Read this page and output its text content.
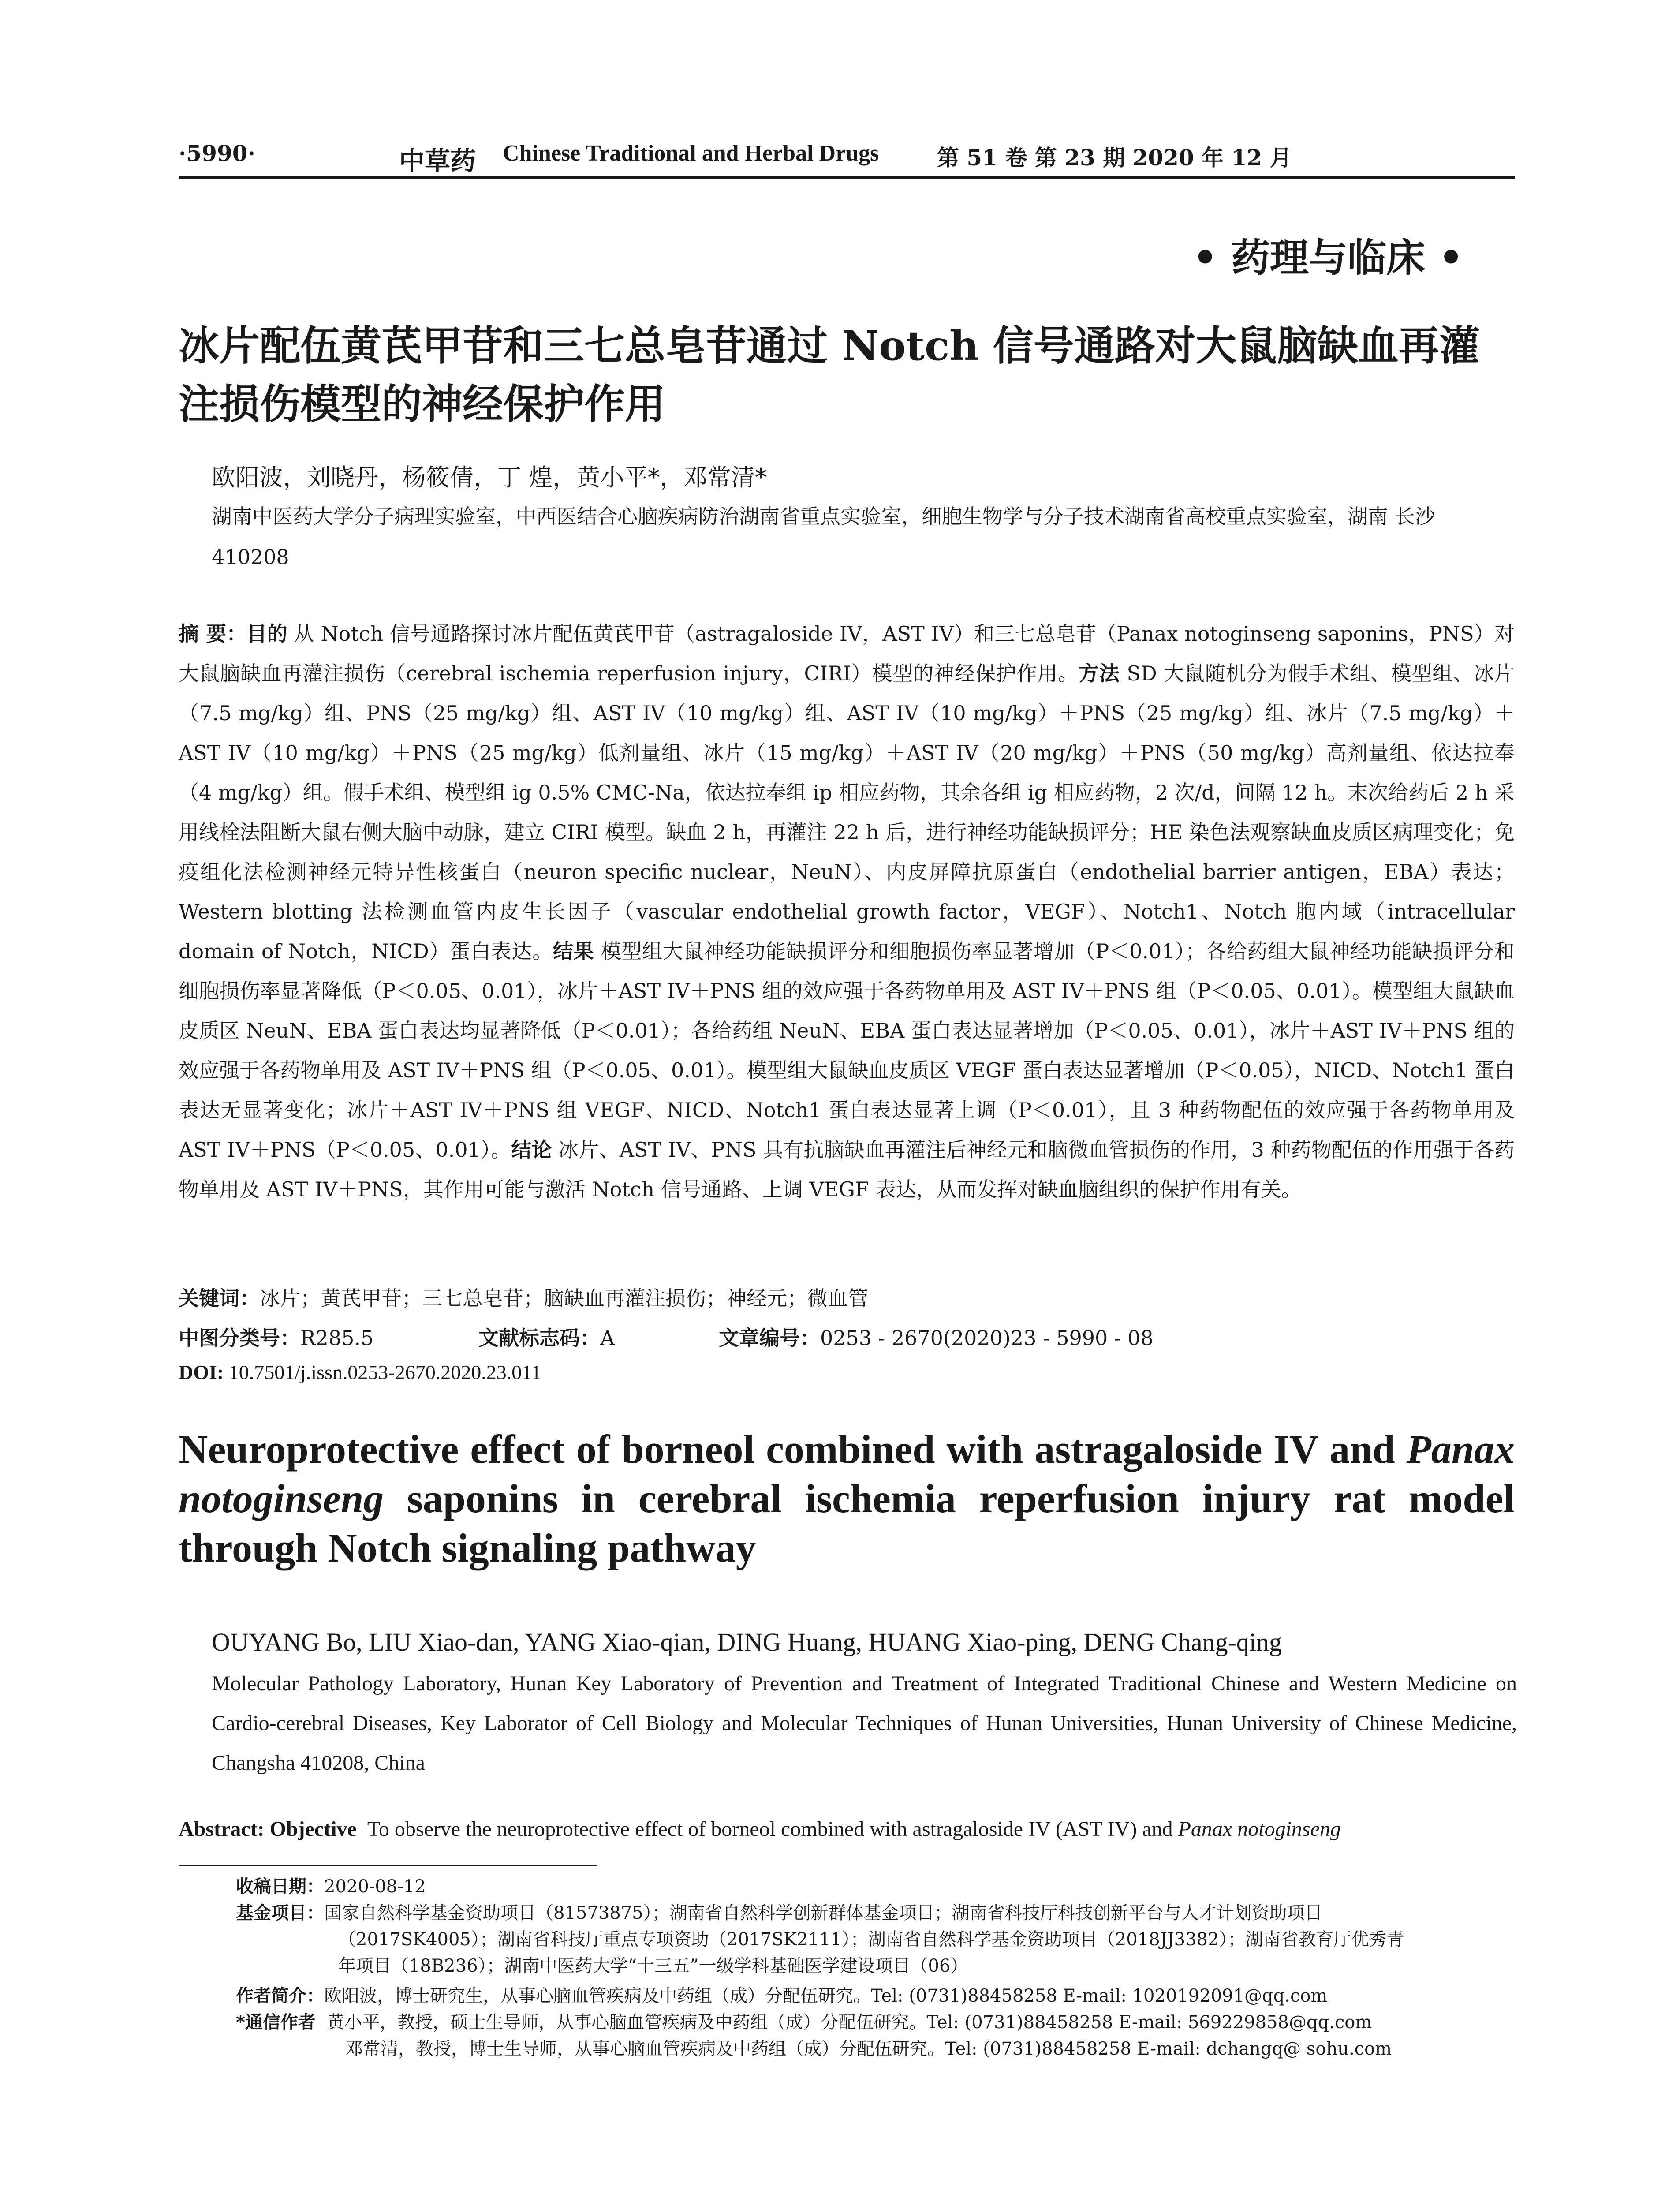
·5990·	中草药 Chinese Traditional and Herbal Drugs	第 51 卷 第 23 期 2020 年 12 月
• 药理与临床 •
冰片配伍黄芪甲苷和三七总皂苷通过 Notch 信号通路对大鼠脑缺血再灌注损伤模型的神经保护作用
欧阳波，刘晓丹，杨筱倩，丁 煌，黄小平*，邓常清*
湖南中医药大学分子病理实验室，中西医结合心脑疾病防治湖南省重点实验室，细胞生物学与分子技术湖南省高校重点实验室，湖南 长沙 410208
摘 要：目的 从 Notch 信号通路探讨冰片配伍黄芪甲苷（astragaloside IV，AST IV）和三七总皂苷（Panax notoginseng saponins，PNS）对大鼠脑缺血再灌注损伤（cerebral ischemia reperfusion injury，CIRI）模型的神经保护作用。方法 SD 大鼠随机分为假手术组、模型组、冰片（7.5 mg/kg）组、PNS（25 mg/kg）组、AST IV（10 mg/kg）组、AST IV（10 mg/kg）＋PNS（25 mg/kg）组、冰片（7.5 mg/kg）＋AST IV（10 mg/kg）＋PNS（25 mg/kg）低剂量组、冰片（15 mg/kg）＋AST IV（20 mg/kg）＋PNS（50 mg/kg）高剂量组、依达拉奉（4 mg/kg）组。假手术组、模型组 ig 0.5% CMC-Na，依达拉奉组 ip 相应药物，其余各组 ig 相应药物，2 次/d，间隔 12 h。末次给药后 2 h 采用线栓法阻断大鼠右侧大脑中动脉，建立 CIRI 模型。缺血 2 h，再灌注 22 h 后，进行神经功能缺损评分；HE 染色法观察缺血皮质区病理变化；免疫组化法检测神经元特异性核蛋白（neuron specific nuclear，NeuN）、内皮屏障抗原蛋白（endothelial barrier antigen，EBA）表达；Western blotting 法检测血管内皮生长因子（vascular endothelial growth factor，VEGF）、Notch1、Notch 胞内域（intracellular domain of Notch，NICD）蛋白表达。结果 模型组大鼠神经功能缺损评分和细胞损伤率显著增加（P＜0.01）；各给药组大鼠神经功能缺损评分和细胞损伤率显著降低（P＜0.05、0.01），冰片＋AST IV＋PNS 组的效应强于各药物单用及 AST IV＋PNS 组（P＜0.05、0.01）。模型组大鼠缺血皮质区 NeuN、EBA 蛋白表达均显著降低（P＜0.01）；各给药组 NeuN、EBA 蛋白表达显著增加（P＜0.05、0.01），冰片＋AST IV＋PNS 组的效应强于各药物单用及 AST IV＋PNS 组（P＜0.05、0.01）。模型组大鼠缺血皮质区 VEGF 蛋白表达显著增加（P＜0.05），NICD、Notch1 蛋白表达无显著变化；冰片＋AST IV＋PNS 组 VEGF、NICD、Notch1 蛋白表达显著上调（P＜0.01），且 3 种药物配伍的效应强于各药物单用及 AST IV＋PNS（P＜0.05、0.01）。结论 冰片、AST IV、PNS 具有抗脑缺血再灌注后神经元和脑微血管损伤的作用，3 种药物配伍的作用强于各药物单用及 AST IV＋PNS，其作用可能与激活 Notch 信号通路、上调 VEGF 表达，从而发挥对缺血脑组织的保护作用有关。
关键词：冰片；黄芪甲苷；三七总皂苷；脑缺血再灌注损伤；神经元；微血管
中图分类号：R285.5	文献标志码：A	文章编号：0253 - 2670(2020)23 - 5990 - 08
DOI: 10.7501/j.issn.0253-2670.2020.23.011
Neuroprotective effect of borneol combined with astragaloside IV and Panax notoginseng saponins in cerebral ischemia reperfusion injury rat model through Notch signaling pathway
OUYANG Bo, LIU Xiao-dan, YANG Xiao-qian, DING Huang, HUANG Xiao-ping, DENG Chang-qing
Molecular Pathology Laboratory, Hunan Key Laboratory of Prevention and Treatment of Integrated Traditional Chinese and Western Medicine on Cardio-cerebral Diseases, Key Laborator of Cell Biology and Molecular Techniques of Hunan Universities, Hunan University of Chinese Medicine, Changsha 410208, China
Abstract: Objective To observe the neuroprotective effect of borneol combined with astragaloside IV (AST IV) and Panax notoginseng
收稿日期：2020-08-12
基金项目：国家自然科学基金资助项目（81573875）；湖南省自然科学创新群体基金项目；湖南省科技厅科技创新平台与人才计划资助项目
（2017SK4005）；湖南省科技厅重点专项资助（2017SK2111）；湖南省自然科学基金资助项目（2018JJ3382）；湖南省教育厅优秀青
年项目（18B236）；湖南中医药大学“十三五”一级学科基础医学建设项目（06）
作者简介：欧阳波，博士研究生，从事心脑血管疾病及中药组（成）分配伍研究。Tel: (0731)88458258 E-mail: 1020192091@qq.com
*通信作者 黄小平，教授，硕士生导师，从事心脑血管疾病及中药组（成）分配伍研究。Tel: (0731)88458258 E-mail: 569229858@qq.com
邓常清，教授，博士生导师，从事心脑血管疾病及中药组（成）分配伍研究。Tel: (0731)88458258 E-mail: dchangq@ sohu.com
